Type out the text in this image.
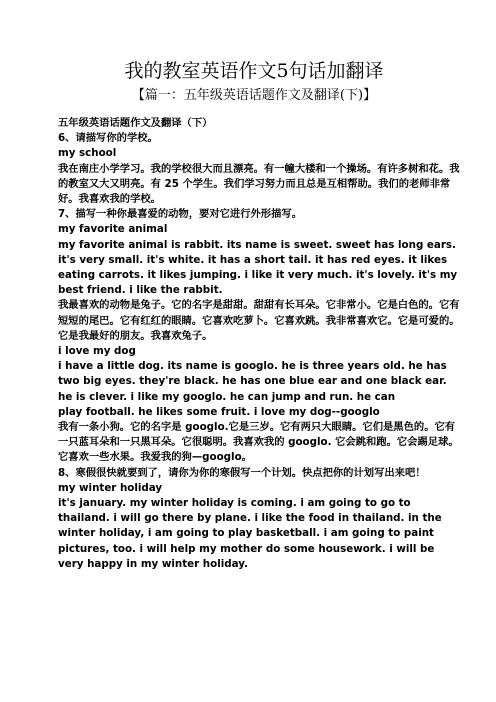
我的教室英语作文5句话加翻译
【篇一：五年级英语话题作文及翻译(下)】

五年级英语话题作文及翻译（下）

6、请描写你的学校。

my school

我在南庄小学学习。我的学校很大而且漂亮。有一幢大楼和一个操场。有许多树和花。我的教室又大又明亮。有 25 个学生。我们学习努力而且总是互相帮助。我们的老师非常好。我喜欢我的学校。

7、描写一种你最喜爱的动物，要对它进行外形描写。

my favorite animal

my favorite animal is rabbit. its name is sweet. sweet has long ears. it's very small. it's white. it has a short tail. it has red eyes. it likes eating carrots. it likes jumping. i like it very much. it's lovely. it's my best friend. i like the rabbit.

我最喜欢的动物是兔子。它的名字是甜甜。甜甜有长耳朵。它非常小。它是白色的。它有短短的尾巴。它有红红的眼睛。它喜欢吃萝卜。它喜欢跳。我非常喜欢它。它是可爱的。它是我最好的朋友。我喜欢兔子。

i love my dog

i have a little dog. its name is googlo. he is three years old. he has two big eyes. they're black. he has one blue ear and one black ear. he is clever. i like my googlo. he can jump and run. he can

play football. he likes some fruit. i love my dog--googlo

我有一条小狗。它的名字是 googlo.它是三岁。它有两只大眼睛。它们是黑色的。它有一只蓝耳朵和一只黑耳朵。它很聪明。我喜欢我的 googlo. 它会跳和跑。它会踢足球。它喜欢一些水果。我爱我的狗—googlo。

8、寒假很快就要到了，请你为你的寒假写一个计划。快点把你的计划写出来吧！

my winter holiday

it's january. my winter holiday is coming. i am going to go to thailand. i will go there by plane. i like the food in thailand. in the winter holiday, i am going to play basketball. i am going to paint pictures, too. i will help my mother do some housework. i will be very happy in my winter holiday.
